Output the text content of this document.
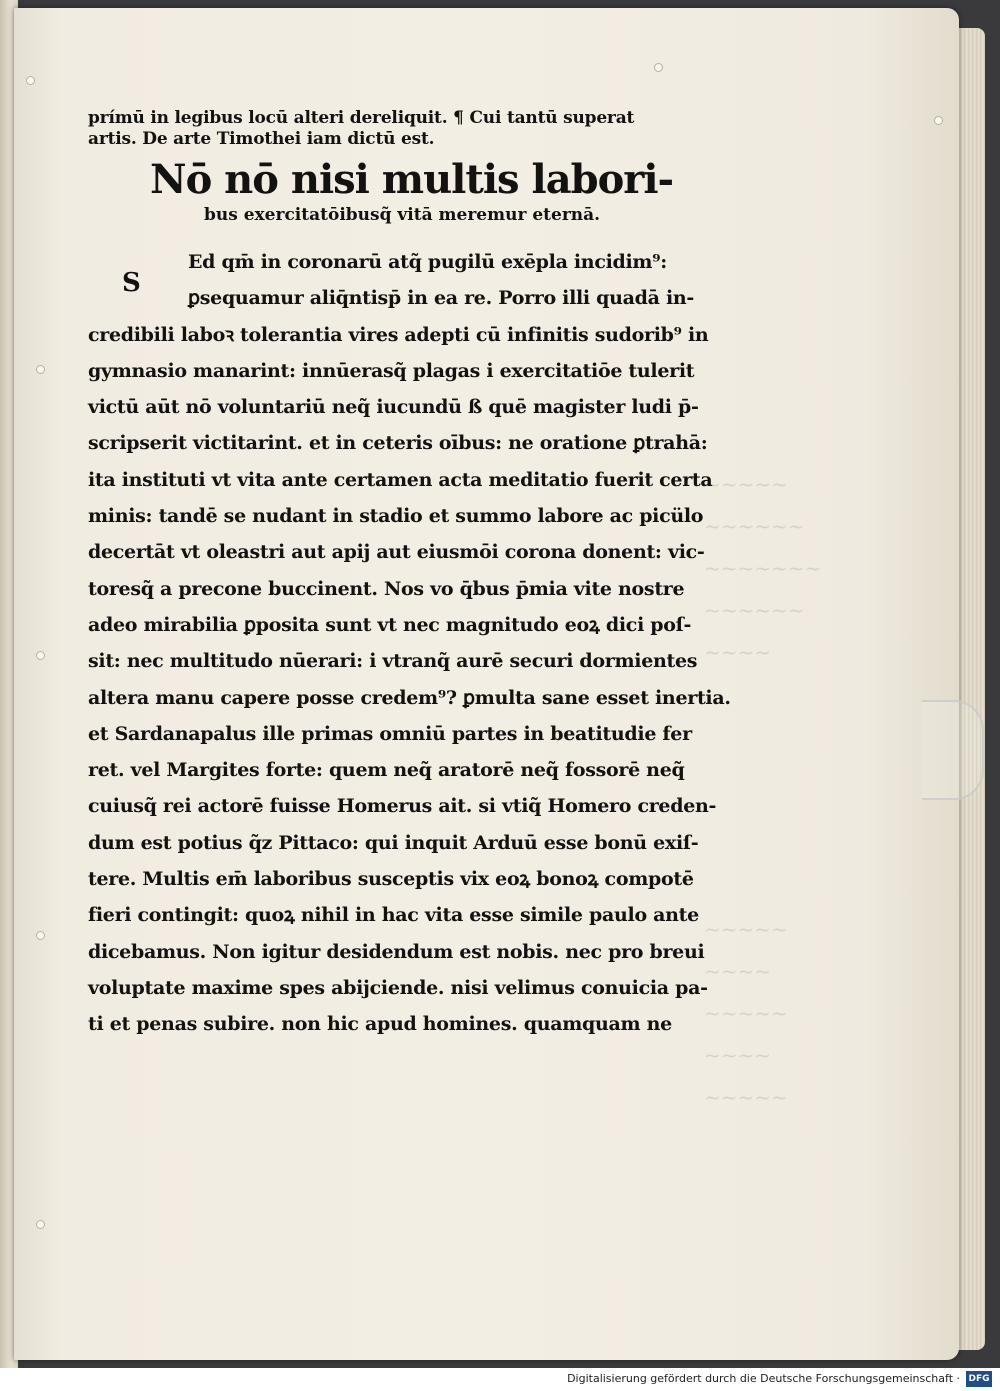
~~~~~
~~~~~~
~~~~~~~
~~~~~~
~~~~
~~~~~
~~~~
~~~~~
~~~~
~~~~~
prímū in legibus locū alteri dereliquit. ¶ Cui tantū superat
artis. De arte Timothei iam dictū est.
Nō nō nisi multis labori-
bus exercitatōibusq̃ vitā meremur eternā.
S
Ed qm̄ in coronarū atq̃ pugilū exēpla incidim⁹:
ꝑsequamur aliq̄ntisp̄ in ea re. Porro illi quadā in-
credibili laboꝛ tolerantia vires adepti cū infinitis sudorib⁹ in
gymnasio manarint: innūerasq̃ plagas i exercitatiōe tulerit
victū aūt nō voluntariū neq̃ iucundū ß quē magister ludi p̄-
scripserit victitarint. et in ceteris oībus: ne oratione ꝑtrahā:
ita instituti vt vita ante certamen acta meditatio fuerit certa
minis: tandē se nudant in stadio et summo labore ac picülo
decertāt vt oleastri aut apij aut eiusmōi corona donent: vic-
toresq̃ a precone buccinent. Nos vo q̄bus p̄mia vite nostre
adeo mirabilia ꝑposita sunt vt nec magnitudo eoꝝ dici poſ-
sit: nec multitudo nūerari: i vtranq̃ aurē securi dormientes
altera manu capere posse credem⁹? ꝑmulta sane esset inertia.
et Sardanapalus ille primas omniū partes in beatitudie fer
ret. vel Margites forte: quem neq̃ aratorē neq̃ fossorē neq̃
cuiusq̃ rei actorē fuisse Homerus ait. si vtiq̃ Homero creden-
dum est potius q̃z Pittaco: qui inquit Arduū esse bonū exiſ-
tere. Multis em̄ laboribus susceptis vix eoꝝ bonoꝝ compotē
fieri contingit: quoꝝ nihil in hac vita esse simile paulo ante
dicebamus. Non igitur desidendum est nobis. nec pro breui
voluptate maxime spes abijciende. nisi velimus conuicia pa-
ti et penas subire. non hic apud homines. quamquam ne
Digitalisierung gefördert durch die Deutsche Forschungsgemeinschaft · DFG
